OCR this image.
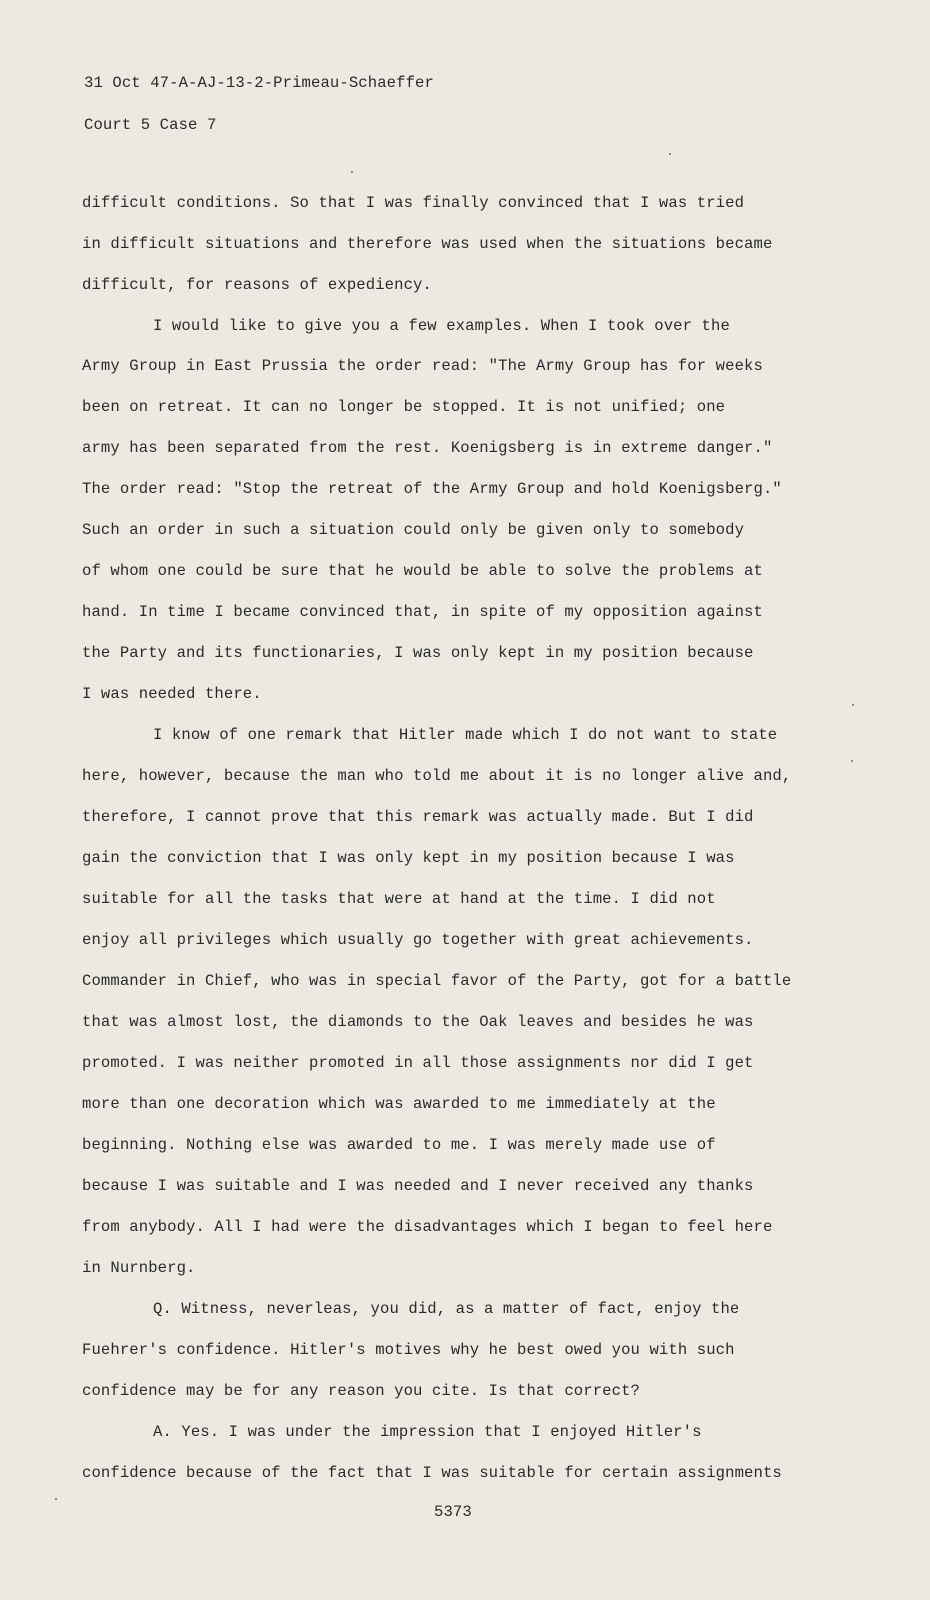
31 Oct 47-A-AJ-13-2-Primeau-Schaeffer
Court 5 Case 7
difficult conditions. So that I was finally convinced that I was tried
in difficult situations and therefore was used when the situations became
difficult, for reasons of expediency.
I would like to give you a few examples. When I took over the
Army Group in East Prussia the order read: "The Army Group has for weeks
been on retreat. It can no longer be stopped. It is not unified; one
army has been separated from the rest. Koenigsberg is in extreme danger."
The order read: "Stop the retreat of the Army Group and hold Koenigsberg."
Such an order in such a situation could only be given only to somebody
of whom one could be sure that he would be able to solve the problems at
hand. In time I became convinced that, in spite of my opposition against
the Party and its functionaries, I was only kept in my position because
I was needed there.
I know of one remark that Hitler made which I do not want to state
here, however, because the man who told me about it is no longer alive and,
therefore, I cannot prove that this remark was actually made. But I did
gain the conviction that I was only kept in my position because I was
suitable for all the tasks that were at hand at the time. I did not
enjoy all privileges which usually go together with great achievements.
Commander in Chief, who was in special favor of the Party, got for a battle
that was almost lost, the diamonds to the Oak leaves and besides he was
promoted. I was neither promoted in all those assignments nor did I get
more than one decoration which was awarded to me immediately at the
beginning. Nothing else was awarded to me. I was merely made use of
because I was suitable and I was needed and I never received any thanks
from anybody. All I had were the disadvantages which I began to feel here
in Nurnberg.
Q. Witness, neverleas, you did, as a matter of fact, enjoy the
Fuehrer's confidence. Hitler's motives why he best owed you with such
confidence may be for any reason you cite. Is that correct?
A. Yes. I was under the impression that I enjoyed Hitler's
confidence because of the fact that I was suitable for certain assignments
5373
